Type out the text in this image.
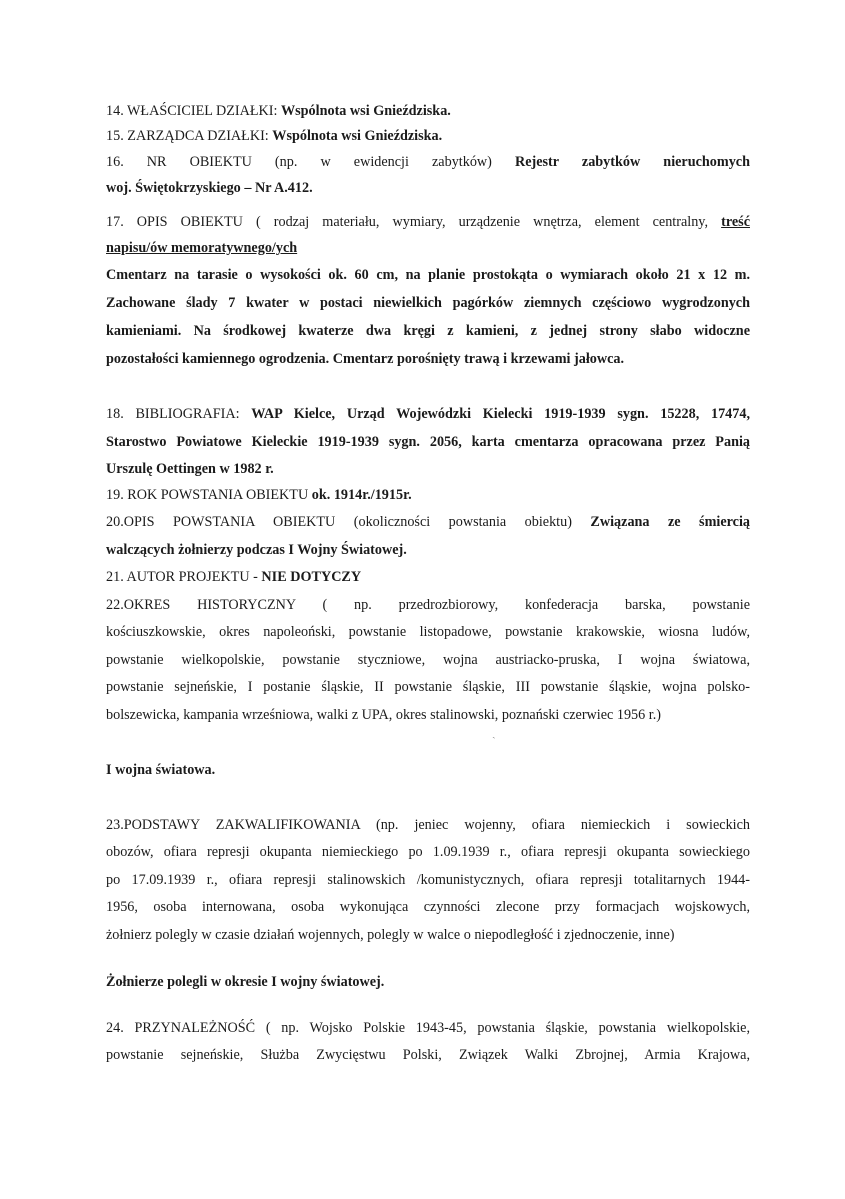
14. WŁAŚCICIEL DZIAŁKI: Wspólnota wsi Gnieździska.
15. ZARZĄDCA DZIAŁKI: Wspólnota wsi Gnieździska.
16. NR OBIEKTU (np. w ewidencji zabytków) Rejestr zabytków nieruchomych
woj. Świętokrzyskiego – Nr A.412.
17. OPIS OBIEKTU ( rodzaj materiału, wymiary, urządzenie wnętrza, element centralny, treść
napisu/ów memoratywnego/ych
Cmentarz na tarasie o wysokości ok. 60 cm, na planie prostokąta o wymiarach około 21 x 12 m.
Zachowane ślady 7 kwater w postaci niewielkich pagórków ziemnych częściowo wygrodzonych
kamieniami. Na środkowej kwaterze dwa kręgi z kamieni, z jednej strony słabo widoczne
pozostałości kamiennego ogrodzenia. Cmentarz porośnięty trawą i krzewami jałowca.
18. BIBLIOGRAFIA: WAP Kielce, Urząd Wojewódzki Kielecki 1919-1939 sygn. 15228, 17474,
Starostwo Powiatowe Kieleckie 1919-1939 sygn. 2056, karta cmentarza opracowana przez Panią
Urszulę Oettingen w 1982 r.
19. ROK POWSTANIA OBIEKTU ok. 1914r./1915r.
20.OPIS POWSTANIA OBIEKTU (okoliczności powstania obiektu) Związana ze śmiercią
walczących żołnierzy podczas I Wojny Światowej.
21. AUTOR PROJEKTU - NIE DOTYCZY
22.OKRES HISTORYCZNY ( np. przedrozbiorowy, konfederacja barska, powstanie
kościuszkowskie, okres napoleoński, powstanie listopadowe, powstanie krakowskie, wiosna ludów,
powstanie wielkopolskie, powstanie styczniowe, wojna austriacko-pruska, I wojna światowa,
powstanie sejneńskie, I postanie śląskie, II powstanie śląskie, III powstanie śląskie, wojna polsko-
bolszewicka, kampania wrześniowa, walki z UPA, okres stalinowski, poznański czerwiec 1956 r.)
ˎ
I wojna światowa.
23.PODSTAWY ZAKWALIFIKOWANIA (np. jeniec wojenny, ofiara niemieckich i sowieckich
obozów, ofiara represji okupanta niemieckiego po 1.09.1939 r., ofiara represji okupanta sowieckiego
po 17.09.1939 r., ofiara represji stalinowskich /komunistycznych, ofiara represji totalitarnych 1944-
1956, osoba internowana, osoba wykonująca czynności zlecone przy formacjach wojskowych,
żołnierz polegly w czasie działań wojennych, polegly w walce o niepodległość i zjednoczenie, inne)
Żołnierze polegli w okresie I wojny światowej.
24. PRZYNALEŻNOŚĆ ( np. Wojsko Polskie 1943-45, powstania śląskie, powstania wielkopolskie,
powstanie sejneńskie, Służba Zwycięstwu Polski, Związek Walki Zbrojnej, Armia Krajowa,
